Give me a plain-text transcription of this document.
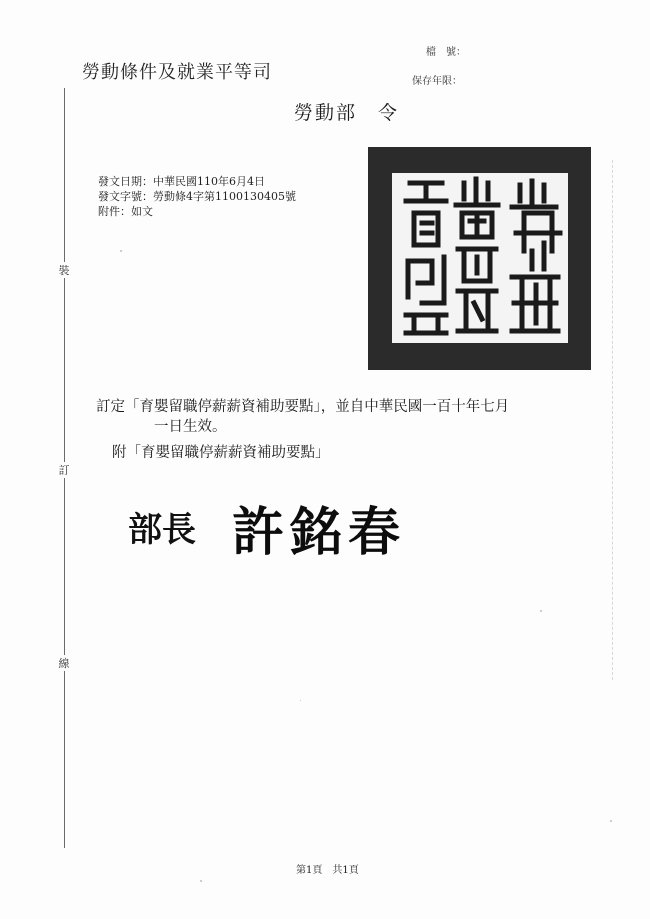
裝
訂
線
勞動條件及就業平等司
檔　號：
保存年限：
勞動部　令
發文日期：中華民國110年6月4日
發文字號：勞動條4字第1100130405號
附件：如文
訂定「育嬰留職停薪薪資補助要點」，並自中華民國一百十年七月
一日生效。
附「育嬰留職停薪薪資補助要點」
部長 許銘春
第1頁　共1頁
